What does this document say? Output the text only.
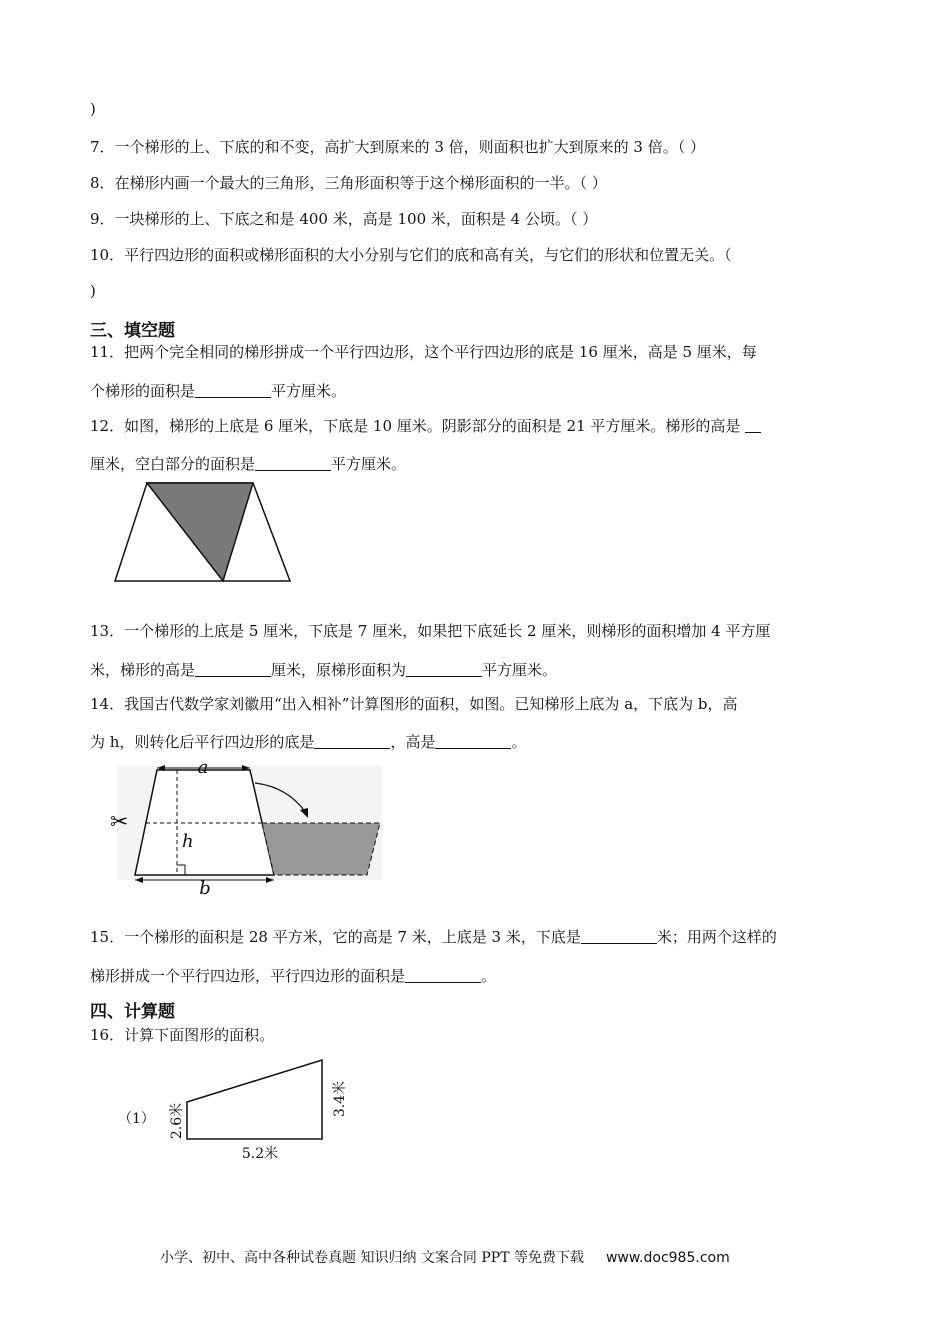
)
7．一个梯形的上、下底的和不变，高扩大到原来的 3 倍，则面积也扩大到原来的 3 倍。（ ）
8．在梯形内画一个最大的三角形，三角形面积等于这个梯形面积的一半。（ ）
9．一块梯形的上、下底之和是 400 米，高是 100 米，面积是 4 公顷。（ ）
10．平行四边形的面积或梯形面积的大小分别与它们的底和高有关，与它们的形状和位置无关。（
)
三、填空题
11．把两个完全相同的梯形拼成一个平行四边形，这个平行四边形的底是 16 厘米，高是 5 厘米，每
个梯形的面积是	平方厘米。
12．如图，梯形的上底是 6 厘米，下底是 10 厘米。阴影部分的面积是 21 平方厘米。梯形的高是
厘米，空白部分的面积是	平方厘米。
13．一个梯形的上底是 5 厘米，下底是 7 厘米，如果把下底延长 2 厘米，则梯形的面积增加 4 平方厘
米，梯形的高是	厘米，原梯形面积为	平方厘米。
14．我国古代数学家刘徽用“出入相补”计算图形的面积，如图。已知梯形上底为 a，下底为 b，高
为 h，则转化后平行四边形的底是	，高是	。
a
h
b
✂
15．一个梯形的面积是 28 平方米，它的高是 7 米，上底是 3 米，下底是	米；用两个这样的
梯形拼成一个平行四边形，平行四边形的面积是	。
四、计算题
16．计算下面图形的面积。
（1） 2.6米
3.4米
5.2米
小学、初中、高中各种试卷真题 知识归纳 文案合同 PPT 等免费下载 www.doc985.com
